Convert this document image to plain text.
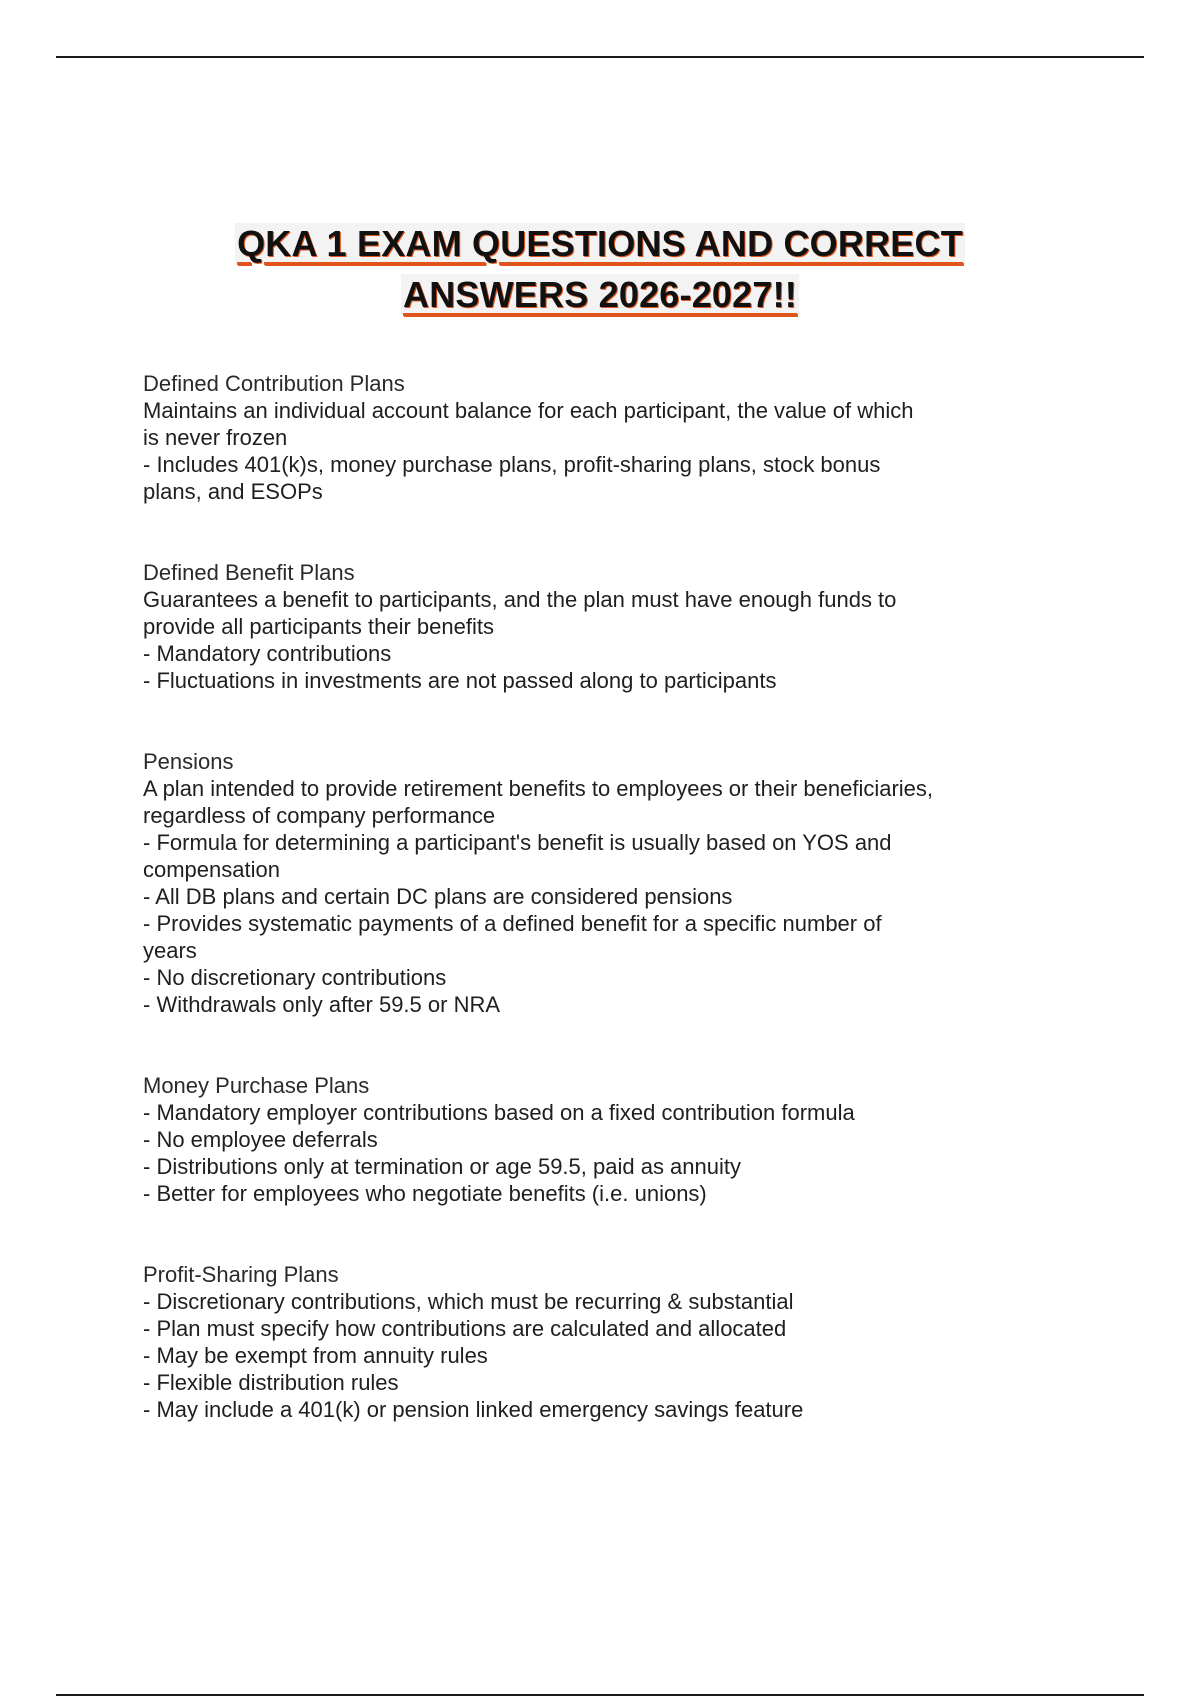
QKA 1 EXAM QUESTIONS AND CORRECT
ANSWERS 2026-2027!!

Defined Contribution Plans

Maintains an individual account balance for each participant, the value of which

is never frozen

- Includes 401(k)s, money purchase plans, profit-sharing plans, stock bonus

plans, and ESOPs

Defined Benefit Plans

Guarantees a benefit to participants, and the plan must have enough funds to

provide all participants their benefits

- Mandatory contributions

- Fluctuations in investments are not passed along to participants

Pensions

A plan intended to provide retirement benefits to employees or their beneficiaries,

regardless of company performance

- Formula for determining a participant's benefit is usually based on YOS and

compensation

- All DB plans and certain DC plans are considered pensions

- Provides systematic payments of a defined benefit for a specific number of

years

- No discretionary contributions

- Withdrawals only after 59.5 or NRA

Money Purchase Plans

- Mandatory employer contributions based on a fixed contribution formula

- No employee deferrals

- Distributions only at termination or age 59.5, paid as annuity

- Better for employees who negotiate benefits (i.e. unions)

Profit-Sharing Plans

- Discretionary contributions, which must be recurring & substantial

- Plan must specify how contributions are calculated and allocated

- May be exempt from annuity rules

- Flexible distribution rules

- May include a 401(k) or pension linked emergency savings feature
